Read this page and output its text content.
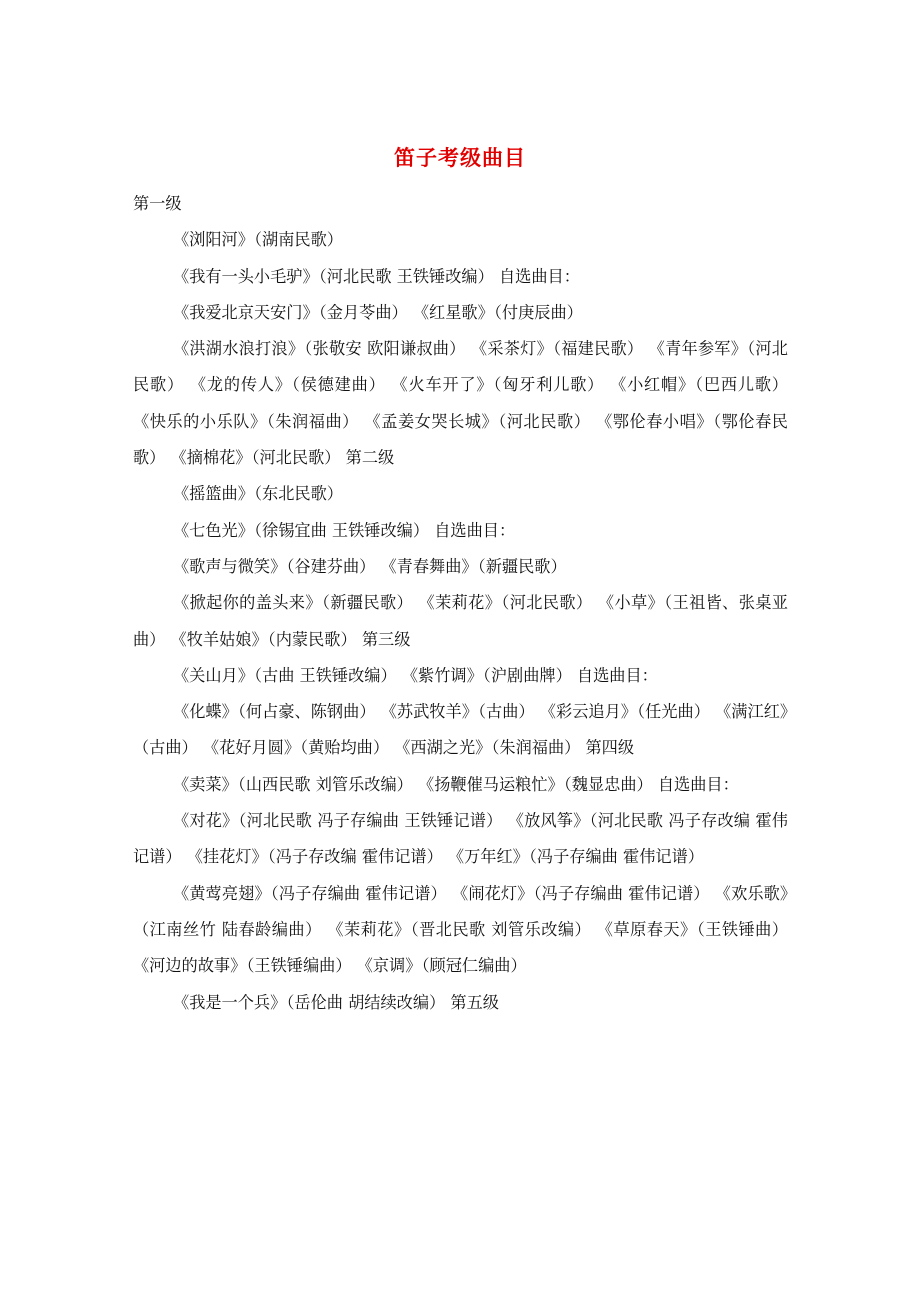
笛子考级曲目

第一级

《浏阳河》（湖南民歌）

《我有一头小毛驴》（河北民歌 王铁锤改编） 自选曲目：

《我爱北京天安门》（金月苓曲） 《红星歌》（付庚辰曲）

《洪湖水浪打浪》（张敬安 欧阳谦叔曲） 《采茶灯》（福建民歌） 《青年参军》（河北民歌） 《龙的传人》（侯德建曲） 《火车开了》（匈牙利儿歌） 《小红帽》（巴西儿歌） 《快乐的小乐队》（朱润福曲） 《孟姜女哭长城》（河北民歌） 《鄂伦春小唱》（鄂伦春民歌） 《摘棉花》（河北民歌） 第二级

《摇篮曲》（东北民歌）

《七色光》（徐锡宜曲 王铁锤改编） 自选曲目：

《歌声与微笑》（谷建芬曲） 《青春舞曲》（新疆民歌）

《掀起你的盖头来》（新疆民歌） 《茉莉花》（河北民歌） 《小草》（王祖皆、张桌亚曲） 《牧羊姑娘》（内蒙民歌） 第三级

《关山月》（古曲 王铁锤改编） 《紫竹调》（沪剧曲牌） 自选曲目：

《化蝶》（何占豪、陈钢曲） 《苏武牧羊》（古曲） 《彩云追月》（任光曲） 《满江红》（古曲） 《花好月圆》（黄贻均曲） 《西湖之光》（朱润福曲） 第四级

《卖菜》（山西民歌 刘管乐改编） 《扬鞭催马运粮忙》（魏显忠曲） 自选曲目：

《对花》（河北民歌 冯子存编曲 王铁锤记谱） 《放风筝》（河北民歌 冯子存改编 霍伟记谱） 《挂花灯》（冯子存改编 霍伟记谱） 《万年红》（冯子存编曲 霍伟记谱）

《黄莺亮翅》（冯子存编曲 霍伟记谱） 《闹花灯》（冯子存编曲 霍伟记谱） 《欢乐歌》（江南丝竹 陆春龄编曲） 《茉莉花》（晋北民歌 刘管乐改编） 《草原春天》（王铁锤曲） 《河边的故事》（王铁锤编曲） 《京调》（顾冠仁编曲）

《我是一个兵》（岳伦曲 胡结续改编） 第五级
